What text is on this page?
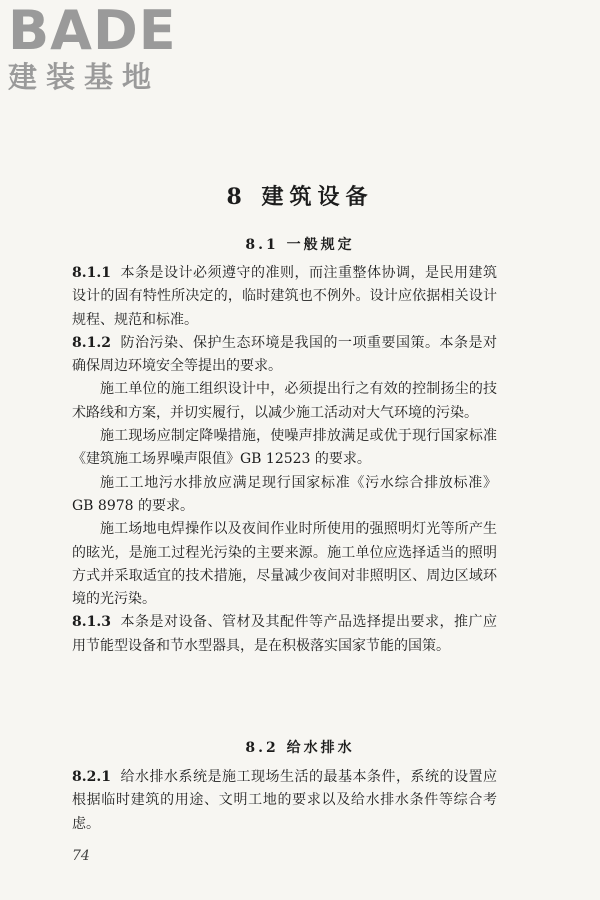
BADE
建装基地
8 建筑设备
8.1 一般规定

8.1.1 本条是设计必须遵守的准则，而注重整体协调，是民用建筑设计的固有特性所决定的，临时建筑也不例外。设计应依据相关设计规程、规范和标准。

8.1.2 防治污染、保护生态环境是我国的一项重要国策。本条是对确保周边环境安全等提出的要求。

施工单位的施工组织设计中，必须提出行之有效的控制扬尘的技术路线和方案，并切实履行，以减少施工活动对大气环境的污染。

施工现场应制定降噪措施，使噪声排放满足或优于现行国家标准《建筑施工场界噪声限值》GB 12523 的要求。

施工工地污水排放应满足现行国家标准《污水综合排放标准》GB 8978 的要求。

施工场地电焊操作以及夜间作业时所使用的强照明灯光等所产生的眩光，是施工过程光污染的主要来源。施工单位应选择适当的照明方式并采取适宜的技术措施，尽量减少夜间对非照明区、周边区域环境的光污染。

8.1.3 本条是对设备、管材及其配件等产品选择提出要求，推广应用节能型设备和节水型器具，是在积极落实国家节能的国策。

8.2 给水排水

8.2.1 给水排水系统是施工现场生活的最基本条件，系统的设置应根据临时建筑的用途、文明工地的要求以及给水排水条件等综合考虑。

74
